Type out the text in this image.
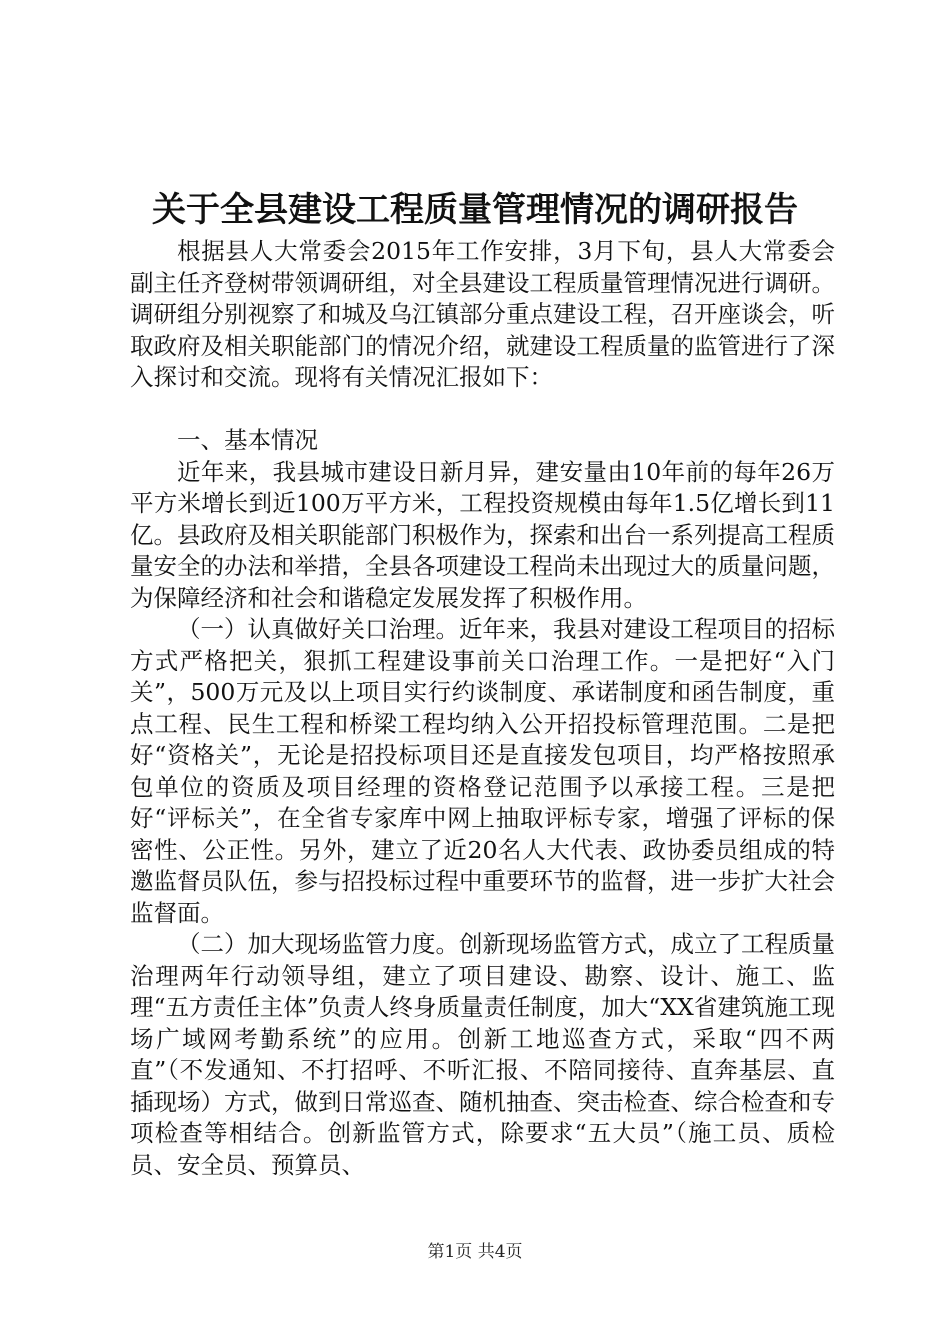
关于全县建设工程质量管理情况的调研报告

根据县人大常委会2015年工作安排，3月下旬，县人大常委会副主任齐登树带领调研组，对全县建设工程质量管理情况进行调研。调研组分别视察了和城及乌江镇部分重点建设工程，召开座谈会，听取政府及相关职能部门的情况介绍，就建设工程质量的监管进行了深入探讨和交流。现将有关情况汇报如下：

一、基本情况

近年来，我县城市建设日新月异，建安量由10年前的每年26万平方米增长到近100万平方米，工程投资规模由每年1.5亿增长到11亿。县政府及相关职能部门积极作为，探索和出台一系列提高工程质量安全的办法和举措，全县各项建设工程尚未出现过大的质量问题，为保障经济和社会和谐稳定发展发挥了积极作用。

（一）认真做好关口治理。近年来，我县对建设工程项目的招标方式严格把关，狠抓工程建设事前关口治理工作。一是把好“入门关”，500万元及以上项目实行约谈制度、承诺制度和函告制度，重点工程、民生工程和桥梁工程均纳入公开招投标管理范围。二是把好“资格关”，无论是招投标项目还是直接发包项目，均严格按照承包单位的资质及项目经理的资格登记范围予以承接工程。三是把好“评标关”，在全省专家库中网上抽取评标专家，增强了评标的保密性、公正性。另外，建立了近20名人大代表、政协委员组成的特邀监督员队伍，参与招投标过程中重要环节的监督，进一步扩大社会监督面。

（二）加大现场监管力度。创新现场监管方式，成立了工程质量治理两年行动领导组，建立了项目建设、勘察、设计、施工、监理“五方责任主体”负责人终身质量责任制度，加大“XX省建筑施工现场广域网考勤系统”的应用。创新工地巡查方式，采取“四不两直”（不发通知、不打招呼、不听汇报、不陪同接待、直奔基层、直插现场）方式，做到日常巡查、随机抽查、突击检查、综合检查和专项检查等相结合。创新监管方式，除要求“五大员”（施工员、质检员、安全员、预算员、

第1页 共4页
